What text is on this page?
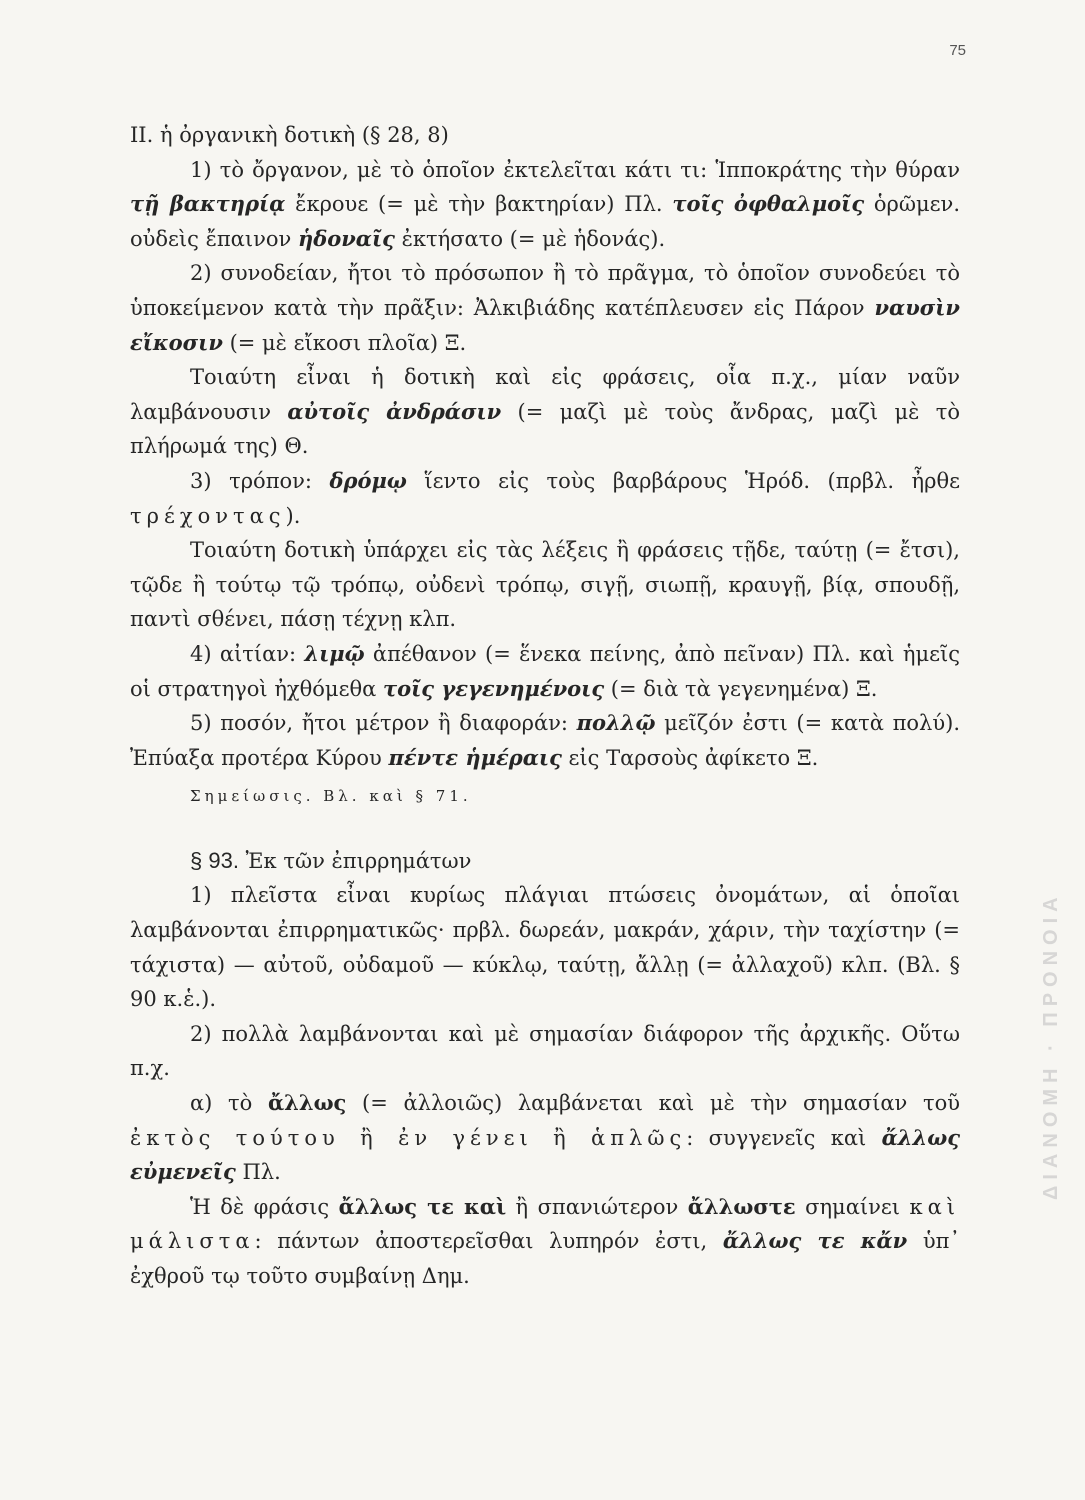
75

II. ἡ ὀργανικὴ δοτικὴ (§ 28, 8)

1) τὸ ὄργανον, μὲ τὸ ὁποῖον ἐκτελεῖται κάτι τι: Ἱπποκράτης τὴν θύραν τῇ βακτηρίᾳ ἔκρουε (= μὲ τὴν βακτηρίαν) Πλ. τοῖς ὀφθαλμοῖς ὁρῶμεν. οὐδεὶς ἔπαινον ἡδοναῖς ἐκτήσατο (= μὲ ἡδονάς).

2) συνοδείαν, ἤτοι τὸ πρόσωπον ἢ τὸ πρᾶγμα, τὸ ὁποῖον συνοδεύει τὸ ὑποκείμενον κατὰ τὴν πρᾶξιν: Ἀλκιβιάδης κατέπλευσεν εἰς Πάρον ναυσὶν εἴκοσιν (= μὲ εἴκοσι πλοῖα) Ξ.

Τοιαύτη εἶναι ἡ δοτικὴ καὶ εἰς φράσεις, οἷα π.χ., μίαν ναῦν λαμβάνουσιν αὐτοῖς ἀνδράσιν (= μαζὶ μὲ τοὺς ἄνδρας, μαζὶ μὲ τὸ πλήρωμά της) Θ.

3) τρόπον: δρόμῳ ἵεντο εἰς τοὺς βαρβάρους Ἡρόδ. (πρβλ. ἦρθε τρέχοντας).

Τοιαύτη δοτικὴ ὑπάρχει εἰς τὰς λέξεις ἢ φράσεις τῇδε, ταύτῃ (= ἔτσι), τῷδε ἢ τούτῳ τῷ τρόπῳ, οὐδενὶ τρόπῳ, σιγῇ, σιωπῇ, κραυγῇ, βίᾳ, σπουδῇ, παντὶ σθένει, πάσῃ τέχνῃ κλπ.

4) αἰτίαν: λιμῷ ἀπέθανον (= ἕνεκα πείνης, ἀπὸ πεῖναν) Πλ. καὶ ἡμεῖς οἱ στρατηγοὶ ἠχθόμεθα τοῖς γεγενημένοις (= διὰ τὰ γεγενημένα) Ξ.

5) ποσόν, ἤτοι μέτρον ἢ διαφοράν: πολλῷ μεῖζόν ἐστι (= κατὰ πολύ). Ἐπύαξα προτέρα Κύρου πέντε ἡμέραις εἰς Ταρσοὺς ἀφίκετο Ξ.

Σημείωσις. Βλ. καὶ § 71.

§ 93. Ἐκ τῶν ἐπιρρημάτων

1) πλεῖστα εἶναι κυρίως πλάγιαι πτώσεις ὀνομάτων, αἱ ὁποῖαι λαμβάνονται ἐπιρρηματικῶς· πρβλ. δωρεάν, μακράν, χάριν, τὴν ταχίστην (= τάχιστα) — αὐτοῦ, οὐδαμοῦ — κύκλῳ, ταύτῃ, ἄλλῃ (= ἀλλαχοῦ) κλπ. (Βλ. § 90 κ.ἑ.).

2) πολλὰ λαμβάνονται καὶ μὲ σημασίαν διάφορον τῆς ἀρχικῆς. Οὕτω π.χ.

α) τὸ ἄλλως (= ἀλλοιῶς) λαμβάνεται καὶ μὲ τὴν σημασίαν τοῦ ἐκτὸς τούτου ἢ ἐν γένει ἢ ἁπλῶς: συγγενεῖς καὶ ἄλλως εὐμενεῖς Πλ.

Ἡ δὲ φράσις ἄλλως τε καὶ ἢ σπανιώτερον ἄλλωστε σημαίνει καὶ μάλιστα: πάντων ἀποστερεῖσθαι λυπηρόν ἐστι, ἄλλως τε κἄν ὑπ᾽ ἐχθροῦ τῳ τοῦτο συμβαίνῃ Δημ.

ΔΙΑΝΟΜΗ · ΠΡΟΝΟΙΑ
